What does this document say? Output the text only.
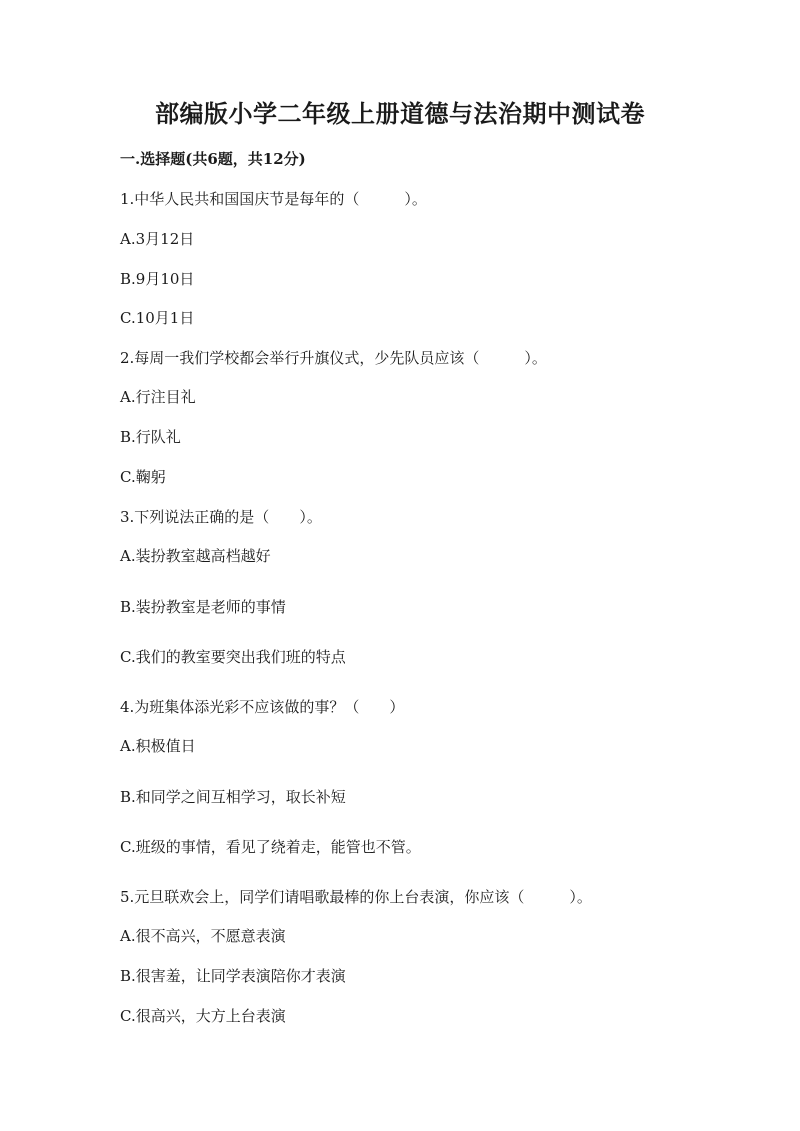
部编版小学二年级上册道德与法治期中测试卷
一.选择题(共6题，共12分)
1.中华人民共和国国庆节是每年的（　　　）。
A.3月12日
B.9月10日
C.10月1日
2.每周一我们学校都会举行升旗仪式，少先队员应该（　　　）。
A.行注目礼
B.行队礼
C.鞠躬
3.下列说法正确的是（　　）。
A.装扮教室越高档越好
B.装扮教室是老师的事情
C.我们的教室要突出我们班的特点
4.为班集体添光彩不应该做的事？（　　）
A.积极值日
B.和同学之间互相学习，取长补短
C.班级的事情，看见了绕着走，能管也不管。
5.元旦联欢会上，同学们请唱歌最棒的你上台表演，你应该（　　　）。
A.很不高兴，不愿意表演
B.很害羞，让同学表演陪你才表演
C.很高兴，大方上台表演
